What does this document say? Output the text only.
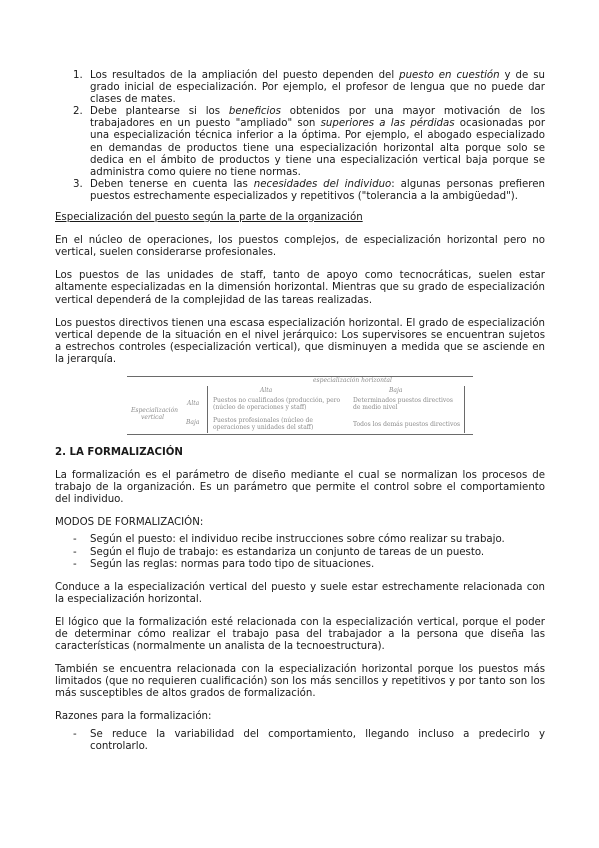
1. Los resultados de la ampliación del puesto dependen del puesto en cuestión y de su grado inicial de especialización. Por ejemplo, el profesor de lengua que no puede dar clases de mates.
2. Debe plantearse si los beneficios obtenidos por una mayor motivación de los trabajadores en un puesto "ampliado" son superiores a las pérdidas ocasionadas por una especialización técnica inferior a la óptima. Por ejemplo, el abogado especializado en demandas de productos tiene una especialización horizontal alta porque solo se dedica en el ámbito de productos y tiene una especialización vertical baja porque se administra como quiere no tiene normas.
3. Deben tenerse en cuenta las necesidades del individuo: algunas personas prefieren puestos estrechamente especializados y repetitivos ("tolerancia a la ambigüedad").

Especialización del puesto según la parte de la organización

En el núcleo de operaciones, los puestos complejos, de especialización horizontal pero no vertical, suelen considerarse profesionales.

Los puestos de las unidades de staff, tanto de apoyo como tecnocráticas, suelen estar altamente especializadas en la dimensión horizontal. Mientras que su grado de especialización vertical dependerá de la complejidad de las tareas realizadas.

Los puestos directivos tienen una escasa especialización horizontal. El grado de especialización vertical depende de la situación en el nivel jerárquico: Los supervisores se encuentran sujetos a estrechos controles (especialización vertical), que disminuyen a medida que se asciende en la jerarquía.

especialización horizontal
Alta	Baja
Especialización
vertical
Alta
Baja
Puestos no cualificados (producción, pero
(núcleo de operaciones y staff)
Determinados puestos directivos
de medio nivel
Puestos profesionales (núcleo de
operaciones y unidades del staff)	Todos los demás puestos directivos

2. LA FORMALIZACIÓN

La formalización es el parámetro de diseño mediante el cual se normalizan los procesos de trabajo de la organización. Es un parámetro que permite el control sobre el comportamiento del individuo.

MODOS DE FORMALIZACIÓN:

- Según el puesto: el individuo recibe instrucciones sobre cómo realizar su trabajo.
- Según el flujo de trabajo: es estandariza un conjunto de tareas de un puesto.
- Según las reglas: normas para todo tipo de situaciones.

Conduce a la especialización vertical del puesto y suele estar estrechamente relacionada con la especialización horizontal.

El lógico que la formalización esté relacionada con la especialización vertical, porque el poder de determinar cómo realizar el trabajo pasa del trabajador a la persona que diseña las características (normalmente un analista de la tecnoestructura).

También se encuentra relacionada con la especialización horizontal porque los puestos más limitados (que no requieren cualificación) son los más sencillos y repetitivos y por tanto son los más susceptibles de altos grados de formalización.

Razones para la formalización:

- Se reduce la variabilidad del comportamiento, llegando incluso a predecirlo y controlarlo.
